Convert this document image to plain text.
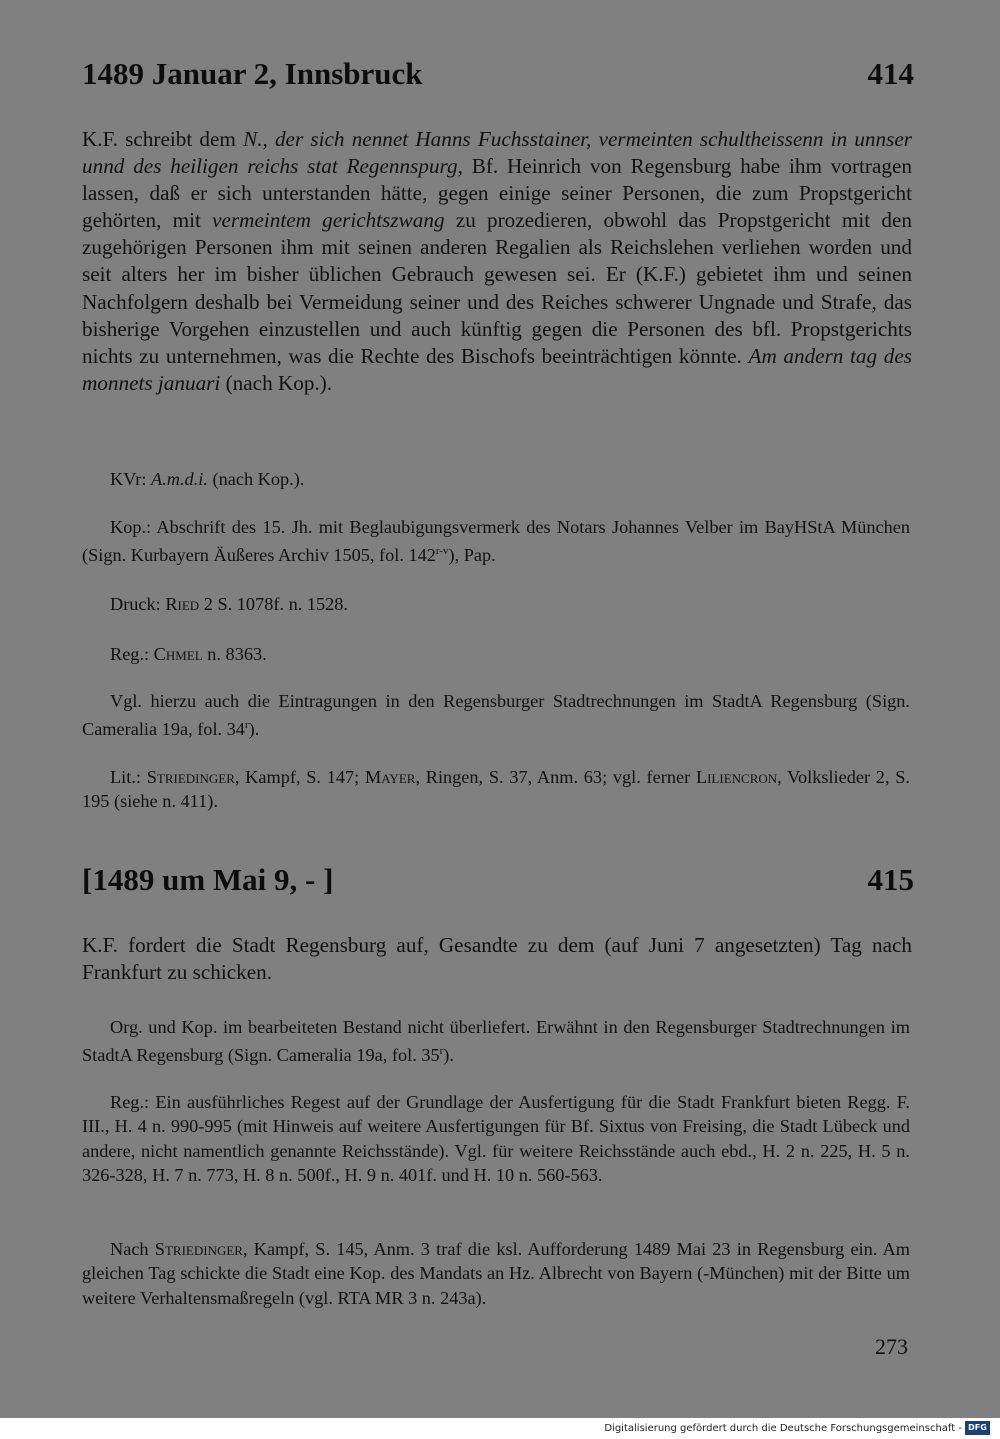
1489 Januar 2, Innsbruck	414

K.F. schreibt dem N., der sich nennet Hanns Fuchsstainer, vermeinten schultheissenn in unnser unnd des heiligen reichs stat Regennspurg, Bf. Heinrich von Regensburg habe ihm vortragen lassen, daß er sich unterstanden hätte, gegen einige seiner Personen, die zum Propstgericht gehörten, mit vermeintem gerichtszwang zu prozedieren, obwohl das Propstgericht mit den zugehörigen Personen ihm mit seinen anderen Regalien als Reichslehen verliehen worden und seit alters her im bisher üblichen Gebrauch gewesen sei. Er (K.F.) gebietet ihm und seinen Nachfolgern deshalb bei Vermeidung seiner und des Reiches schwerer Ungnade und Strafe, das bisherige Vorgehen einzustellen und auch künftig gegen die Personen des bfl. Propstgerichts nichts zu unternehmen, was die Rechte des Bischofs beeinträchtigen könnte. Am andern tag des monnets januari (nach Kop.).

KVr: A.m.d.i. (nach Kop.).

Kop.: Abschrift des 15. Jh. mit Beglaubigungsvermerk des Notars Johannes Velber im BayHStA München (Sign. Kurbayern Äußeres Archiv 1505, fol. 142$^{r-v}$), Pap.

Druck: Ried 2 S. 1078f. n. 1528.

Reg.: Chmel n. 8363.

Vgl. hierzu auch die Eintragungen in den Regensburger Stadtrechnungen im StadtA Regensburg (Sign. Cameralia 19a, fol. 34$^r$).

Lit.: Striedinger, Kampf, S. 147; Mayer, Ringen, S. 37, Anm. 63; vgl. ferner Liliencron, Volkslieder 2, S. 195 (siehe n. 411).

[1489 um Mai 9, - ]	415

K.F. fordert die Stadt Regensburg auf, Gesandte zu dem (auf Juni 7 angesetzten) Tag nach Frankfurt zu schicken.

Org. und Kop. im bearbeiteten Bestand nicht überliefert. Erwähnt in den Regensburger Stadtrechnungen im StadtA Regensburg (Sign. Cameralia 19a, fol. 35$^r$).

Reg.: Ein ausführliches Regest auf der Grundlage der Ausfertigung für die Stadt Frankfurt bieten Regg. F. III., H. 4 n. 990-995 (mit Hinweis auf weitere Ausfertigungen für Bf. Sixtus von Freising, die Stadt Lübeck und andere, nicht namentlich genannte Reichsstände). Vgl. für weitere Reichsstände auch ebd., H. 2 n. 225, H. 5 n. 326-328, H. 7 n. 773, H. 8 n. 500f., H. 9 n. 401f. und H. 10 n. 560-563.

Nach Striedinger, Kampf, S. 145, Anm. 3 traf die ksl. Aufforderung 1489 Mai 23 in Regensburg ein. Am gleichen Tag schickte die Stadt eine Kop. des Mandats an Hz. Albrecht von Bayern (-München) mit der Bitte um weitere Verhaltensmaßregeln (vgl. RTA MR 3 n. 243a).

273
Digitalisierung gefördert durch die Deutsche Forschungsgemeinschaft - DFG
